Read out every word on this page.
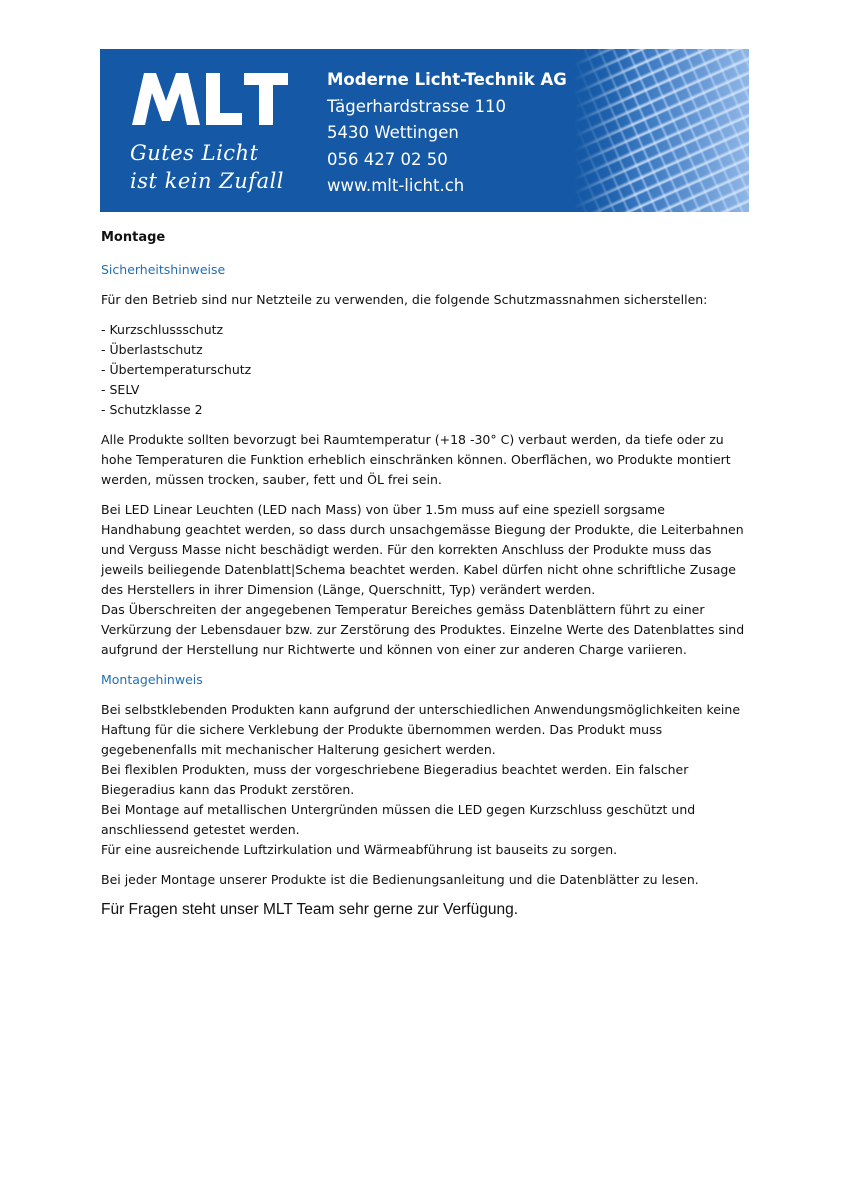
Gutes Licht
ist kein Zufall
Moderne Licht-Technik AG
Tägerhardstrasse 110
5430 Wettingen
056 427 02 50
www.mlt-licht.ch

Montage

Sicherheitshinweise

Für den Betrieb sind nur Netzteile zu verwenden, die folgende Schutzmassnahmen sicherstellen:

- Kurzschlussschutz
- Überlastschutz
- Übertemperaturschutz
- SELV
- Schutzklasse 2

Alle Produkte sollten bevorzugt bei Raumtemperatur (+18 -30° C) verbaut werden, da tiefe oder zu hohe Temperaturen die Funktion erheblich einschränken können. Oberflächen, wo Produkte montiert werden, müssen trocken, sauber, fett und ÖL frei sein.

Bei LED Linear Leuchten (LED nach Mass) von über 1.5m muss auf eine speziell sorgsame Handhabung geachtet werden, so dass durch unsachgemässe Biegung der Produkte, die Leiterbahnen und Verguss Masse nicht beschädigt werden. Für den korrekten Anschluss der Produkte muss das jeweils beiliegende Datenblatt|Schema beachtet werden. Kabel dürfen nicht ohne schriftliche Zusage des Herstellers in ihrer Dimension (Länge, Querschnitt, Typ) verändert werden.

Das Überschreiten der angegebenen Temperatur Bereiches gemäss Datenblättern führt zu einer Verkürzung der Lebensdauer bzw. zur Zerstörung des Produktes. Einzelne Werte des Datenblattes sind aufgrund der Herstellung nur Richtwerte und können von einer zur anderen Charge variieren.

Montagehinweis

Bei selbstklebenden Produkten kann aufgrund der unterschiedlichen Anwendungsmöglichkeiten keine Haftung für die sichere Verklebung der Produkte übernommen werden. Das Produkt muss gegebenenfalls mit mechanischer Halterung gesichert werden.

Bei flexiblen Produkten, muss der vorgeschriebene Biegeradius beachtet werden. Ein falscher Biegeradius kann das Produkt zerstören.

Bei Montage auf metallischen Untergründen müssen die LED gegen Kurzschluss geschützt und anschliessend getestet werden.

Für eine ausreichende Luftzirkulation und Wärmeabführung ist bauseits zu sorgen.

Bei jeder Montage unserer Produkte ist die Bedienungsanleitung und die Datenblätter zu lesen.

Für Fragen steht unser MLT Team sehr gerne zur Verfügung.
